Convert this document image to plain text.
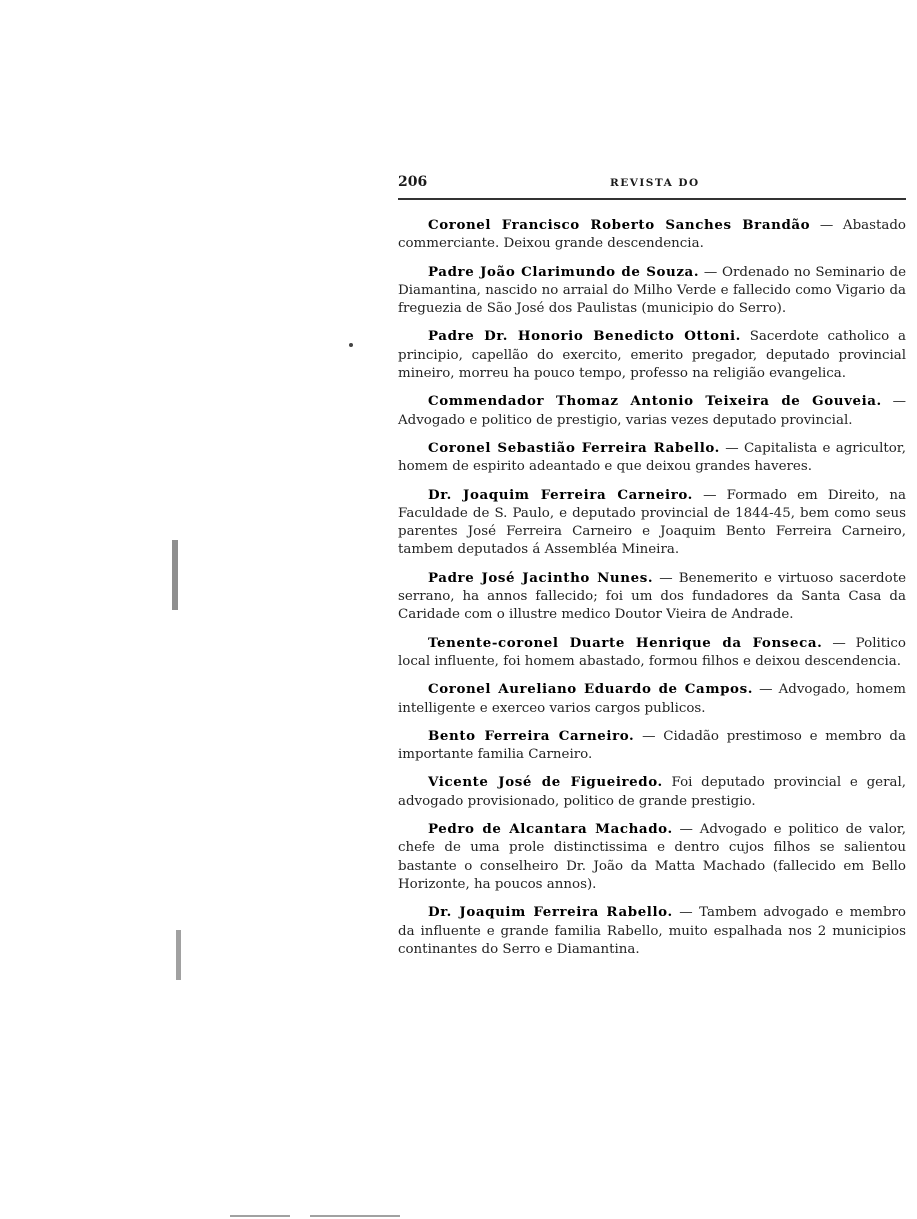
206	REVISTA DO

Coronel Francisco Roberto Sanches Brandão — Abastado commerciante. Deixou grande descendencia.

Padre João Clarimundo de Souza. — Ordenado no Seminario de Diamantina, nascido no arraial do Milho Verde e fallecido como Vigario da freguezia de São José dos Paulistas (municipio do Serro).

Padre Dr. Honorio Benedicto Ottoni. Sacerdote catholico a principio, capellão do exercito, emerito pregador, deputado provincial mineiro, morreu ha pouco tempo, professo na religião evangelica.

Commendador Thomaz Antonio Teixeira de Gouveia. — Advogado e politico de prestigio, varias vezes deputado provincial.

Coronel Sebastião Ferreira Rabello. — Capitalista e agricultor, homem de espirito adeantado e que deixou grandes haveres.

Dr. Joaquim Ferreira Carneiro. — Formado em Direito, na Faculdade de S. Paulo, e deputado provincial de 1844-45, bem como seus parentes José Ferreira Carneiro e Joaquim Bento Ferreira Carneiro, tambem deputados á Assembléa Mineira.

Padre José Jacintho Nunes. — Benemerito e virtuoso sacerdote serrano, ha annos fallecido; foi um dos fundadores da Santa Casa da Caridade com o illustre medico Doutor Vieira de Andrade.

Tenente-coronel Duarte Henrique da Fonseca. — Politico local influente, foi homem abastado, formou filhos e deixou descendencia.

Coronel Aureliano Eduardo de Campos. — Advogado, homem intelligente e exerceo varios cargos publicos.

Bento Ferreira Carneiro. — Cidadão prestimoso e membro da importante familia Carneiro.

Vicente José de Figueiredo. Foi deputado provincial e geral, advogado provisionado, politico de grande prestigio.

Pedro de Alcantara Machado. — Advogado e politico de valor, chefe de uma prole distinctissima e dentro cujos filhos se salientou bastante o conselheiro Dr. João da Matta Machado (fallecido em Bello Horizonte, ha poucos annos).

Dr. Joaquim Ferreira Rabello. — Tambem advogado e membro da influente e grande familia Rabello, muito espalhada nos 2 municipios continantes do Serro e Diamantina.
